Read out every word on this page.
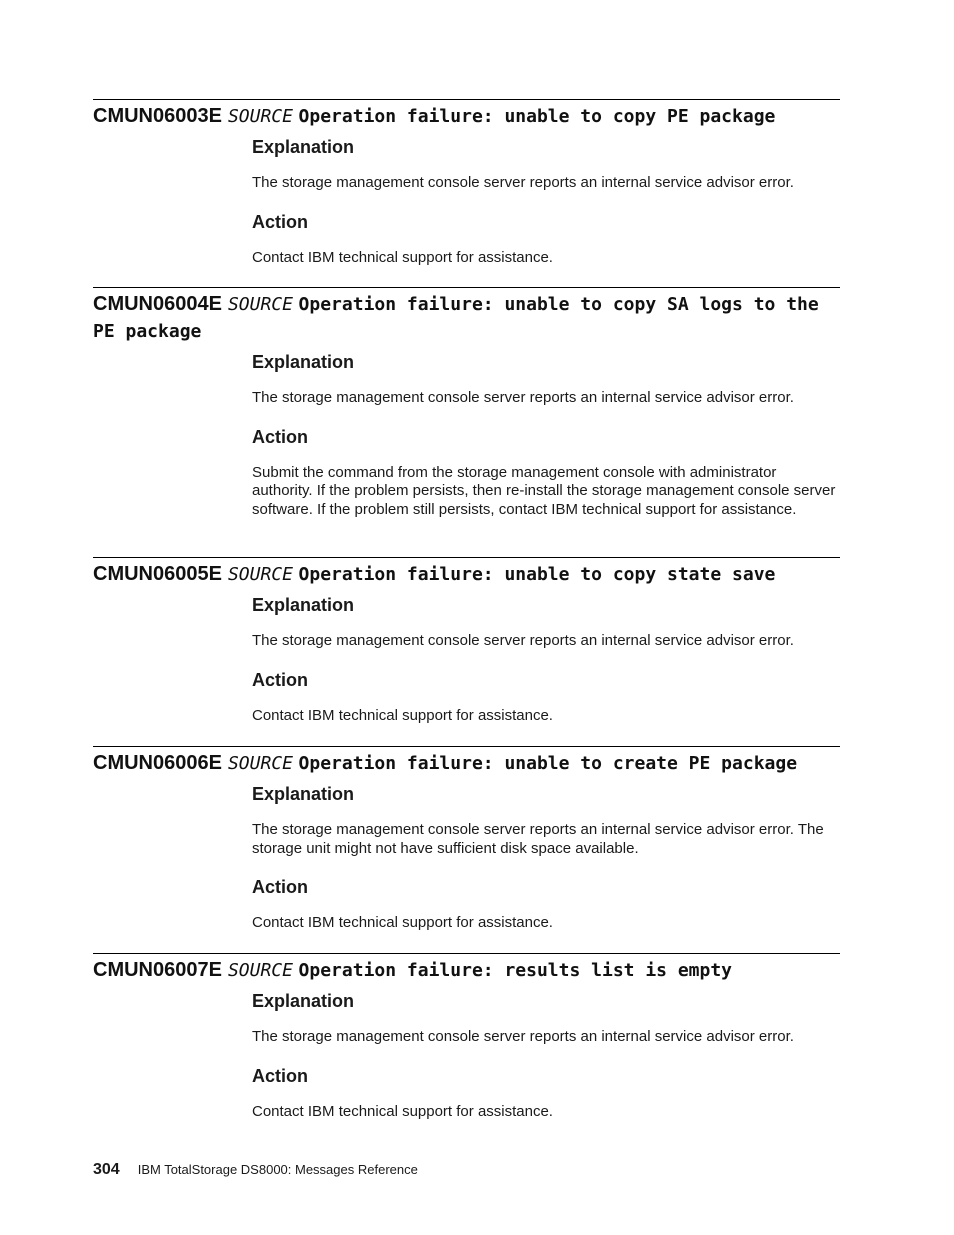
CMUN06003E SOURCE Operation failure: unable to copy PE package
Explanation
The storage management console server reports an internal service advisor error.
Action
Contact IBM technical support for assistance.
CMUN06004E SOURCE Operation failure: unable to copy SA logs to the PE package
Explanation
The storage management console server reports an internal service advisor error.
Action
Submit the command from the storage management console with administrator authority. If the problem persists, then re-install the storage management console server software. If the problem still persists, contact IBM technical support for assistance.
CMUN06005E SOURCE Operation failure: unable to copy state save
Explanation
The storage management console server reports an internal service advisor error.
Action
Contact IBM technical support for assistance.
CMUN06006E SOURCE Operation failure: unable to create PE package
Explanation
The storage management console server reports an internal service advisor error. The storage unit might not have sufficient disk space available.
Action
Contact IBM technical support for assistance.
CMUN06007E SOURCE Operation failure: results list is empty
Explanation
The storage management console server reports an internal service advisor error.
Action
Contact IBM technical support for assistance.
304 IBM TotalStorage DS8000: Messages Reference
